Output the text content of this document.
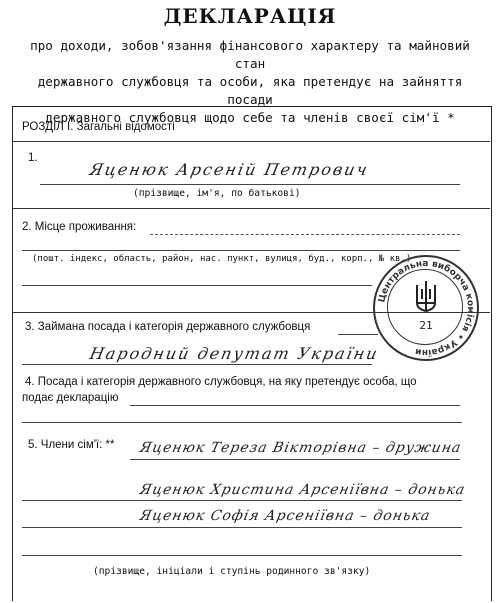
ДЕКЛАРАЦІЯ
про доходи, зобов'язання фінансового характеру та майновий стан
державного службовця та особи, яка претендує на зайняття посади
державного службовця щодо себе та членів своєї сім'ї *
РОЗДІЛ I. Загальні відомості
1.
Яценюк Арсеній Петрович
(прізвище, ім'я, по батькові)
2. Місце проживання:
(пошт. індекс, область, район, нас. пункт, вулиця, буд., корп., № кв.)
3. Займана посада і категорія державного службовця
Народний депутат України
4. Посада і категорія державного службовця, на яку претендує особа, що
подає декларацію
5. Члени сім'ї: ** Яценюк Тереза Вікторівна – дружина
Яценюк Христина Арсеніївна – донька
Яценюк Софія Арсеніївна – донька
(прізвище, ініціали і ступінь родинного зв'язку)
Центральна виборча комісія • України
21
